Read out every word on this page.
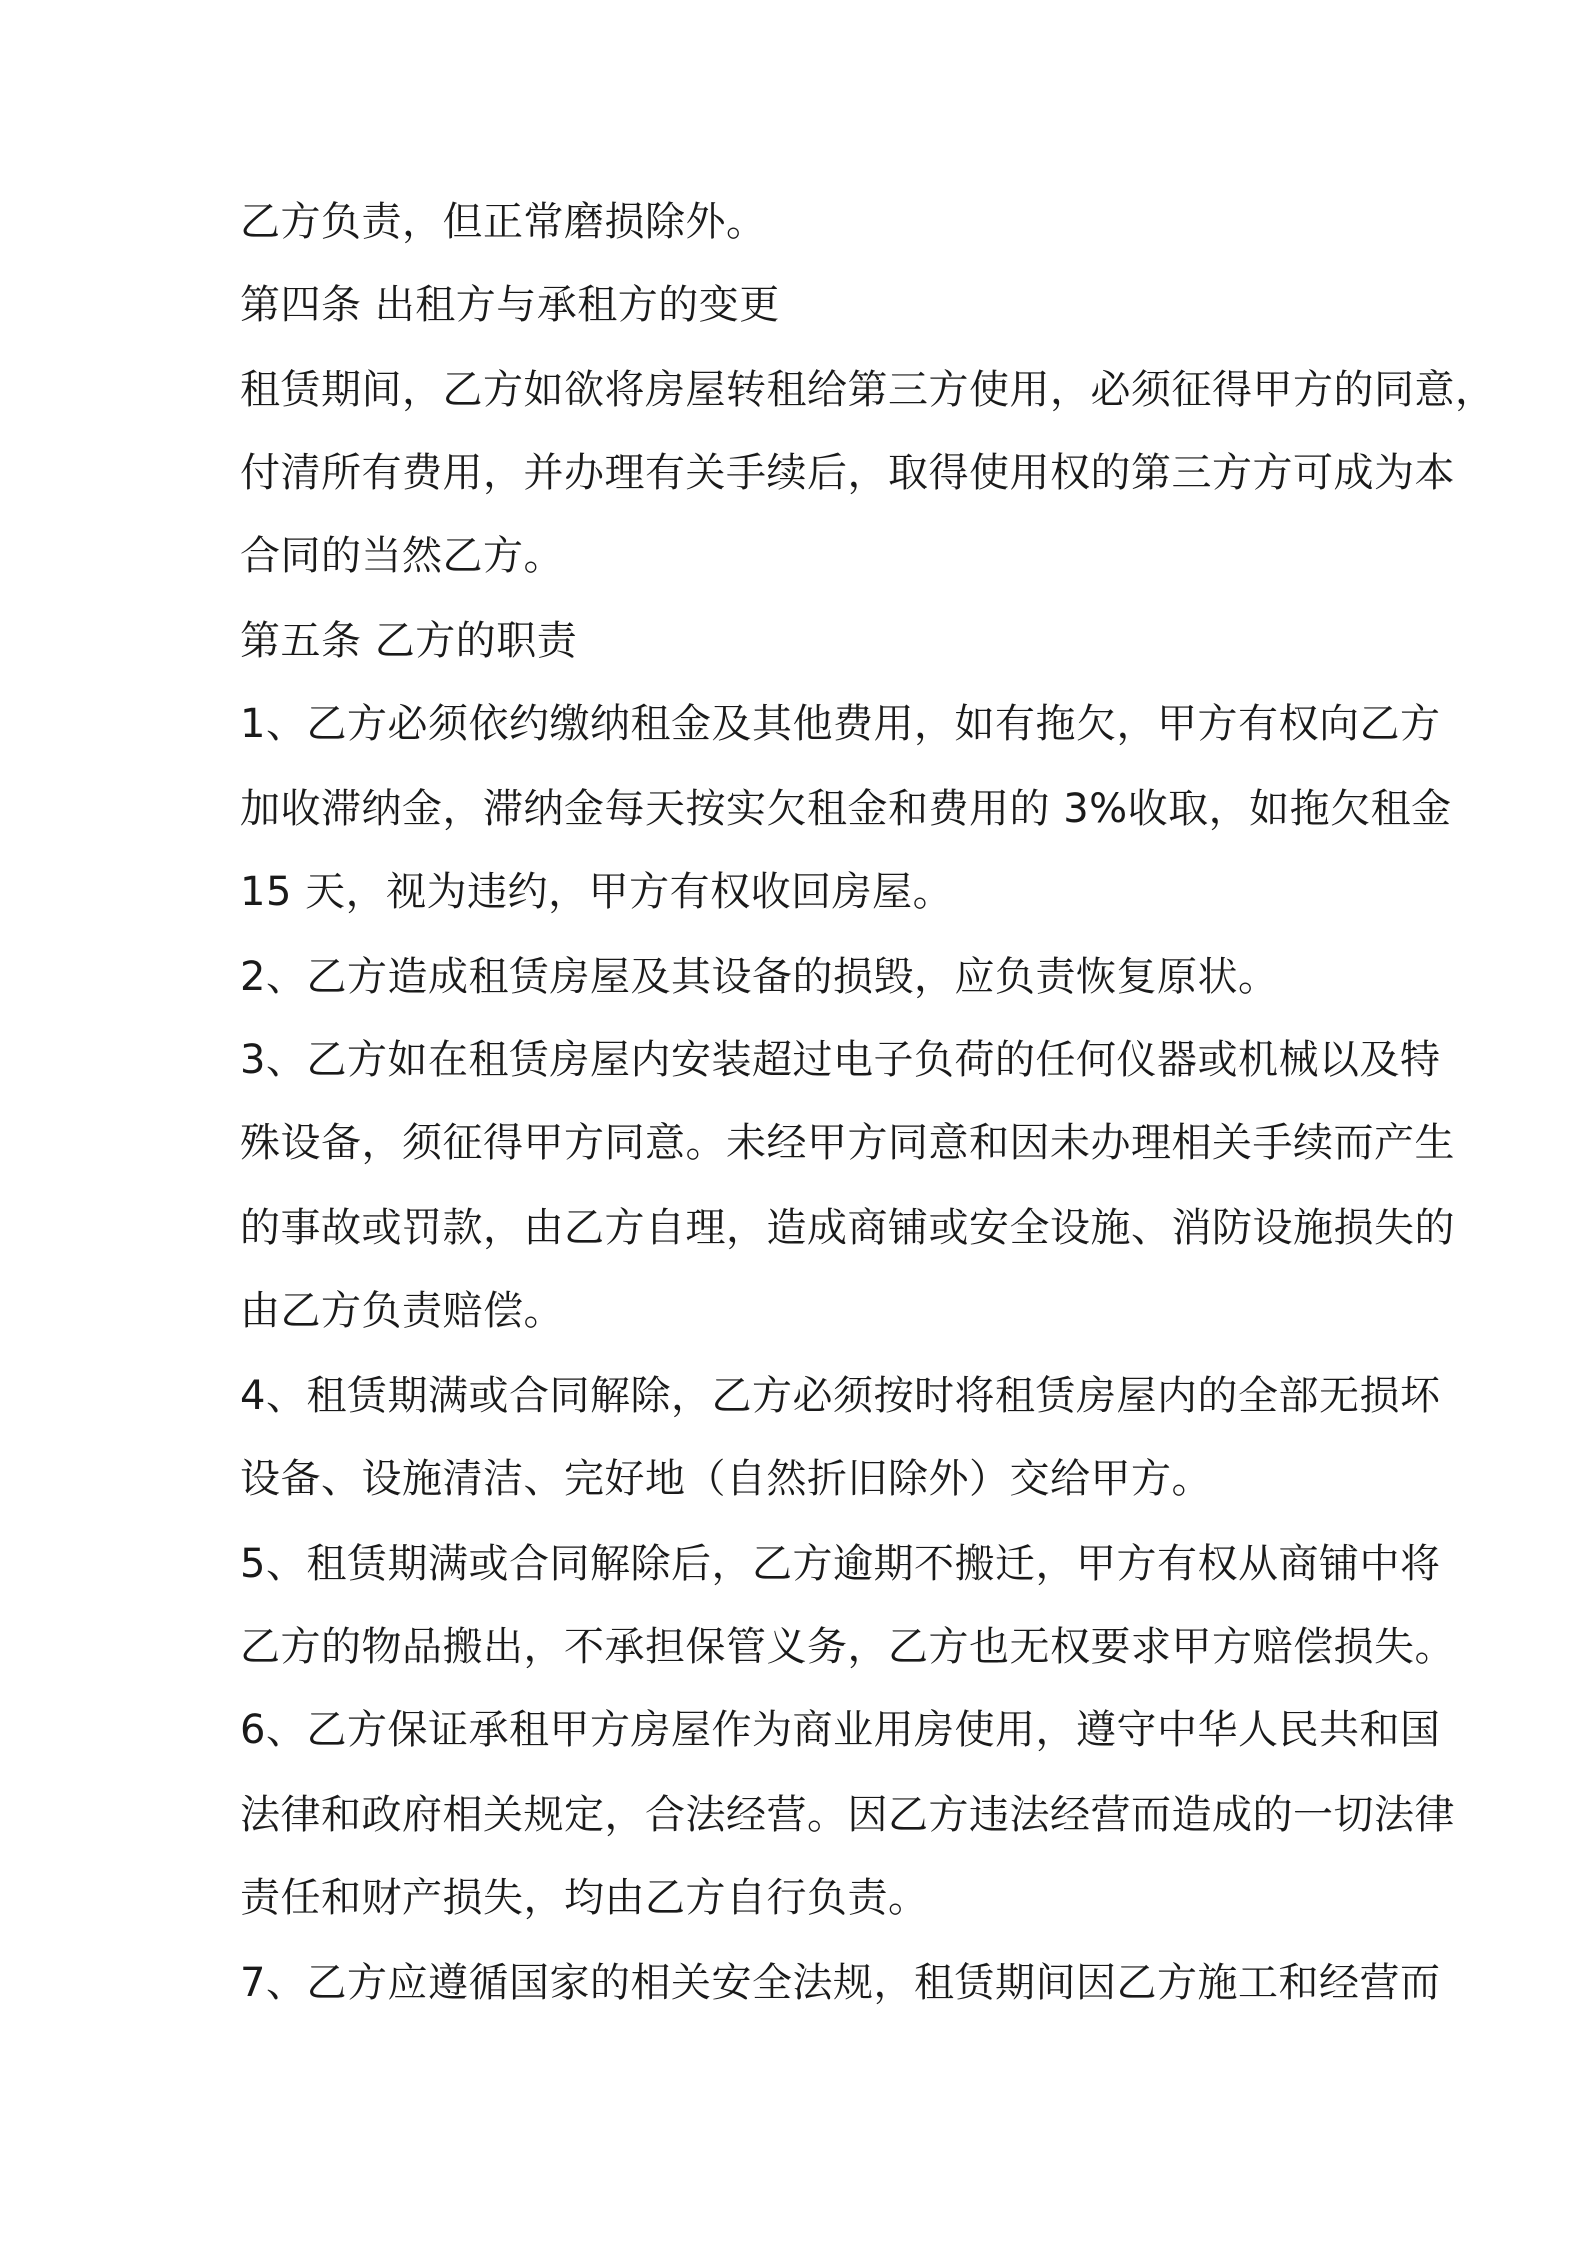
乙方负责，但正常磨损除外。
第四条 出租方与承租方的变更
租赁期间，乙方如欲将房屋转租给第三方使用，必须征得甲方的同意，
付清所有费用，并办理有关手续后，取得使用权的第三方方可成为本
合同的当然乙方。
第五条 乙方的职责
1、乙方必须依约缴纳租金及其他费用，如有拖欠，甲方有权向乙方
加收滞纳金，滞纳金每天按实欠租金和费用的 3%收取，如拖欠租金
15 天，视为违约，甲方有权收回房屋。
2、乙方造成租赁房屋及其设备的损毁，应负责恢复原状。
3、乙方如在租赁房屋内安装超过电子负荷的任何仪器或机械以及特
殊设备，须征得甲方同意。未经甲方同意和因未办理相关手续而产生
的事故或罚款，由乙方自理，造成商铺或安全设施、消防设施损失的
由乙方负责赔偿。
4、租赁期满或合同解除，乙方必须按时将租赁房屋内的全部无损坏
设备、设施清洁、完好地（自然折旧除外）交给甲方。
5、租赁期满或合同解除后，乙方逾期不搬迁，甲方有权从商铺中将
乙方的物品搬出，不承担保管义务，乙方也无权要求甲方赔偿损失。
6、乙方保证承租甲方房屋作为商业用房使用，遵守中华人民共和国
法律和政府相关规定，合法经营。因乙方违法经营而造成的一切法律
责任和财产损失，均由乙方自行负责。
7、乙方应遵循国家的相关安全法规，租赁期间因乙方施工和经营而
